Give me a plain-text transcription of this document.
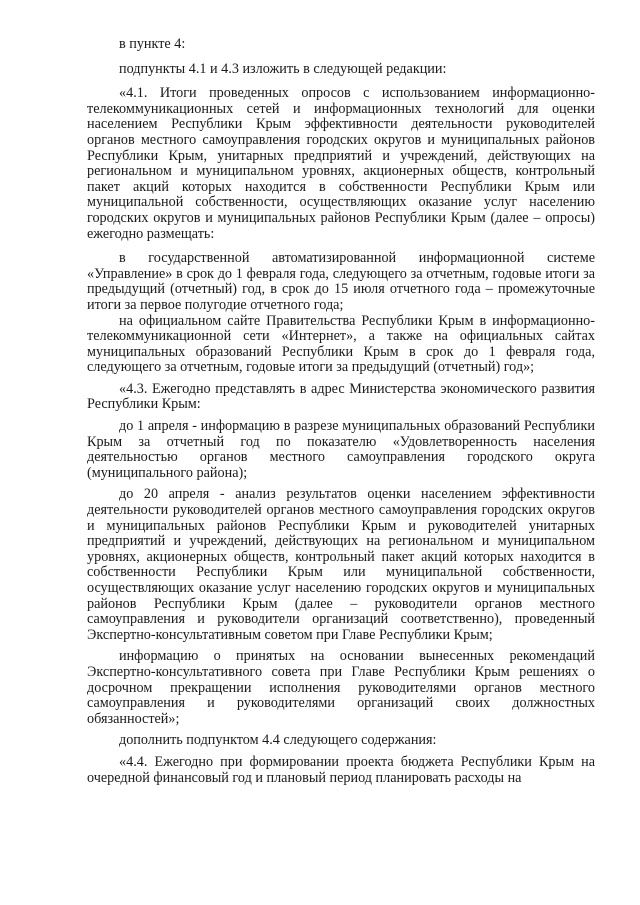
в пункте 4:

подпункты 4.1 и 4.3 изложить в следующей редакции:

«4.1. Итоги проведенных опросов с использованием информационно-телекоммуникационных сетей и информационных технологий для оценки населением Республики Крым эффективности деятельности руководителей органов местного самоуправления городских округов и муниципальных районов Республики Крым, унитарных предприятий и учреждений, действующих на региональном и муниципальном уровнях, акционерных обществ, контрольный пакет акций которых находится в собственности Республики Крым или муниципальной собственности, осуществляющих оказание услуг населению городских округов и муниципальных районов Республики Крым (далее – опросы) ежегодно размещать:

в государственной автоматизированной информационной системе «Управление» в срок до 1 февраля года, следующего за отчетным, годовые итоги за предыдущий (отчетный) год, в срок до 15 июля отчетного года – промежуточные итоги за первое полугодие отчетного года;

на официальном сайте Правительства Республики Крым в информационно-телекоммуникационной сети «Интернет», а также на официальных сайтах муниципальных образований Республики Крым в срок до 1 февраля года, следующего за отчетным, годовые итоги за предыдущий (отчетный) год»;

«4.3. Ежегодно представлять в адрес Министерства экономического развития Республики Крым:

до 1 апреля - информацию в разрезе муниципальных образований Республики Крым за отчетный год по показателю «Удовлетворенность населения деятельностью органов местного самоуправления городского округа (муниципального района);

до 20 апреля - анализ результатов оценки населением эффективности деятельности руководителей органов местного самоуправления городских округов и муниципальных районов Республики Крым и руководителей унитарных предприятий и учреждений, действующих на региональном и муниципальном уровнях, акционерных обществ, контрольный пакет акций которых находится в собственности Республики Крым или муниципальной собственности, осуществляющих оказание услуг населению городских округов и муниципальных районов Республики Крым (далее – руководители органов местного самоуправления и руководители организаций соответственно), проведенный Экспертно-консультативным советом при Главе Республики Крым;

информацию о принятых на основании вынесенных рекомендаций Экспертно-консультативного совета при Главе Республики Крым решениях о досрочном прекращении исполнения руководителями органов местного самоуправления и руководителями организаций своих должностных обязанностей»;

дополнить подпунктом 4.4 следующего содержания:

«4.4. Ежегодно при формировании проекта бюджета Республики Крым на очередной финансовый год и плановый период планировать расходы на
